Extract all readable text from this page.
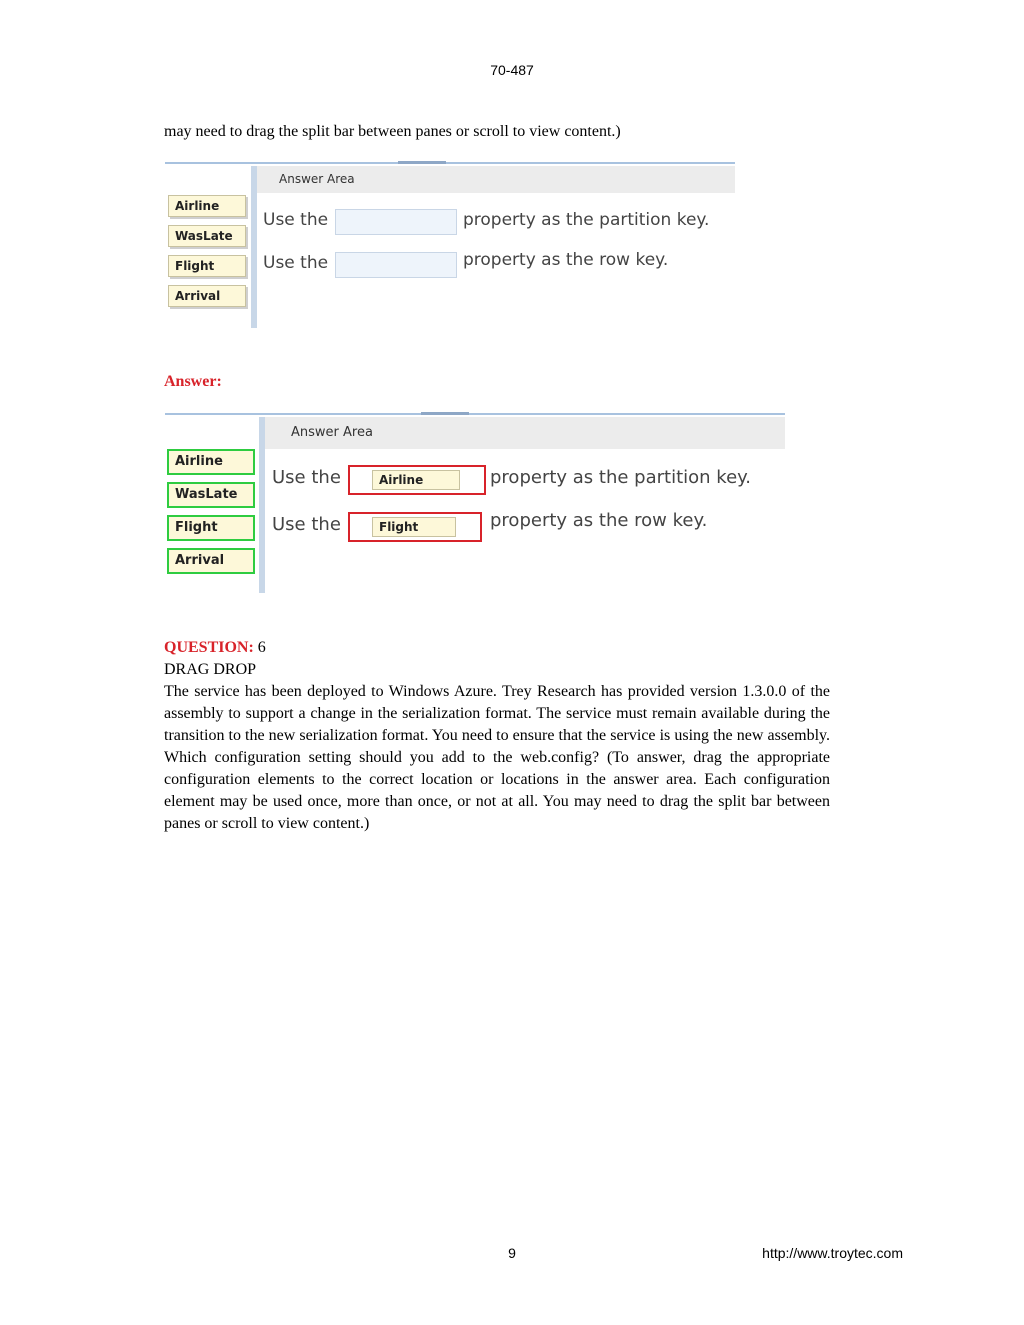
70-487
may need to drag the split bar between panes or scroll to view content.)
Answer Area
Airline
WasLate
Flight
Arrival
Use the	property as the partition key.
Use the	property as the row key.
Answer:
Answer Area
Airline
WasLate
Flight
Arrival
Use the	Airline	property as the partition key.
Use the	Flight	property as the row key.
QUESTION: 6
DRAG DROP

The service has been deployed to Windows Azure. Trey Research has provided version 1.3.0.0 of the assembly to support a change in the serialization format. The service must remain available during the transition to the new serialization format. You need to ensure that the service is using the new assembly. Which configuration setting should you add to the web.config? (To answer, drag the appropriate configuration elements to the correct location or locations in the answer area. Each configuration element may be used once, more than once, or not at all. You may need to drag the split bar between panes or scroll to view content.)

9	http://www.troytec.com
